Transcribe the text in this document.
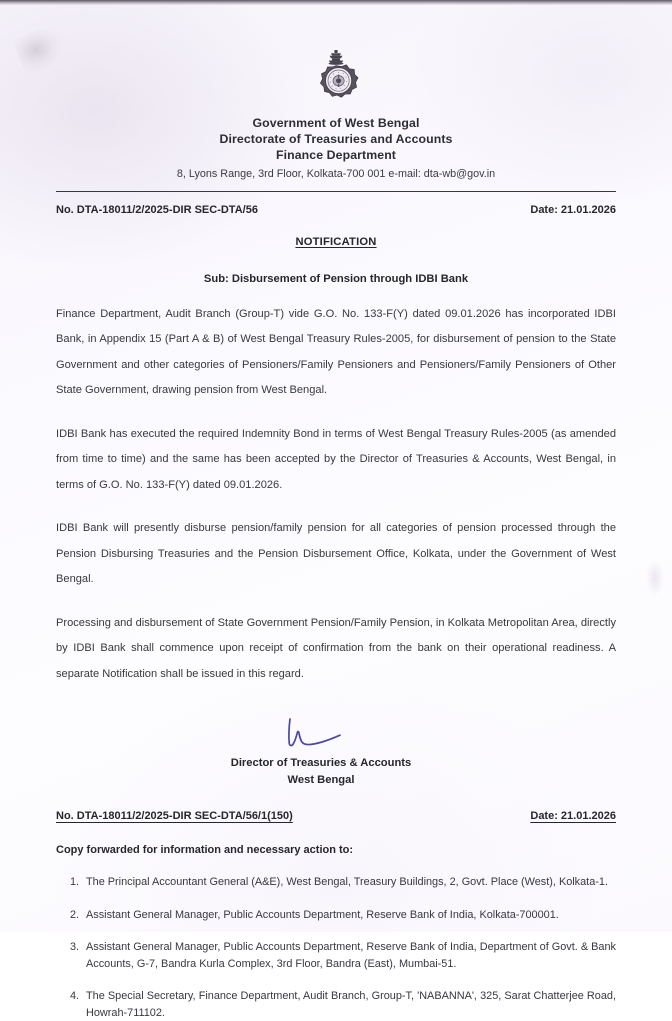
Government of West Bengal
Directorate of Treasuries and Accounts
Finance Department
8, Lyons Range, 3rd Floor, Kolkata-700 001 e-mail: dta-wb@gov.in
No. DTA-18011/2/2025-DIR SEC-DTA/56	Date: 21.01.2026
NOTIFICATION
Sub: Disbursement of Pension through IDBI Bank

Finance Department, Audit Branch (Group-T) vide G.O. No. 133-F(Y) dated 09.01.2026 has incorporated IDBI Bank, in Appendix 15 (Part A & B) of West Bengal Treasury Rules-2005, for disbursement of pension to the State Government and other categories of Pensioners/Family Pensioners and Pensioners/Family Pensioners of Other State Government, drawing pension from West Bengal.

IDBI Bank has executed the required Indemnity Bond in terms of West Bengal Treasury Rules-2005 (as amended from time to time) and the same has been accepted by the Director of Treasuries & Accounts, West Bengal, in terms of G.O. No. 133-F(Y) dated 09.01.2026.

IDBI Bank will presently disburse pension/family pension for all categories of pension processed through the Pension Disbursing Treasuries and the Pension Disbursement Office, Kolkata, under the Government of West Bengal.

Processing and disbursement of State Government Pension/Family Pension, in Kolkata Metropolitan Area, directly by IDBI Bank shall commence upon receipt of confirmation from the bank on their operational readiness. A separate Notification shall be issued in this regard.

Director of Treasuries & Accounts
West Bengal
No. DTA-18011/2/2025-DIR SEC-DTA/56/1(150)	Date: 21.01.2026
Copy forwarded for information and necessary action to:
1. The Principal Accountant General (A&E), West Bengal, Treasury Buildings, 2, Govt. Place (West), Kolkata-1.
2. Assistant General Manager, Public Accounts Department, Reserve Bank of India, Kolkata-700001.
3. Assistant General Manager, Public Accounts Department, Reserve Bank of India, Department of Govt. & Bank Accounts, G-7, Bandra Kurla Complex, 3rd Floor, Bandra (East), Mumbai-51.
4. The Special Secretary, Finance Department, Audit Branch, Group-T, 'NABANNA', 325, Sarat Chatterjee Road, Howrah-711102.
